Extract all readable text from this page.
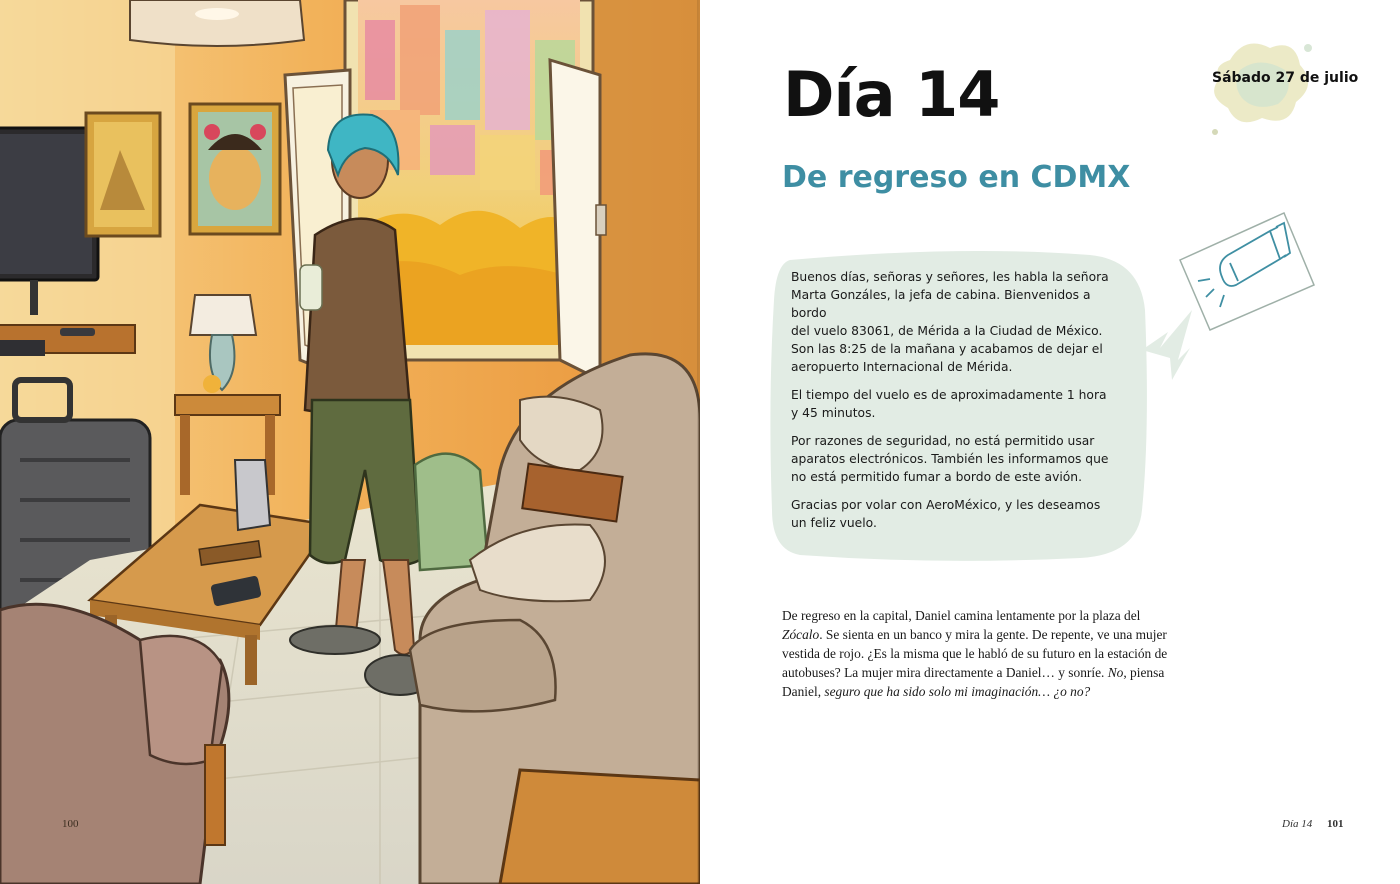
100
Día 14	Sábado 27 de julio
De regreso en CDMX

Buenos días, señoras y señores, les habla la señora
Marta Gonzáles, la jefa de cabina. Bienvenidos a bordo
del vuelo 83061, de Mérida a la Ciudad de México.
Son las 8:25 de la mañana y acabamos de dejar el
aeropuerto Internacional de Mérida.

El tiempo del vuelo es de aproximadamente 1 hora
y 45 minutos.

Por razones de seguridad, no está permitido usar
aparatos electrónicos. También les informamos que
no está permitido fumar a bordo de este avión.

Gracias por volar con AeroMéxico, y les deseamos
un feliz vuelo.

De regreso en la capital, Daniel camina lentamente por la plaza del Zócalo. Se sienta en un banco y mira la gente. De repente, ve una mujer vestida de rojo. ¿Es la misma que le habló de su futuro en la estación de autobuses? La mujer mira directamente a Daniel… y sonríe. No, piensa Daniel, seguro que ha sido solo mi imaginación… ¿o no?

Día 14 101
